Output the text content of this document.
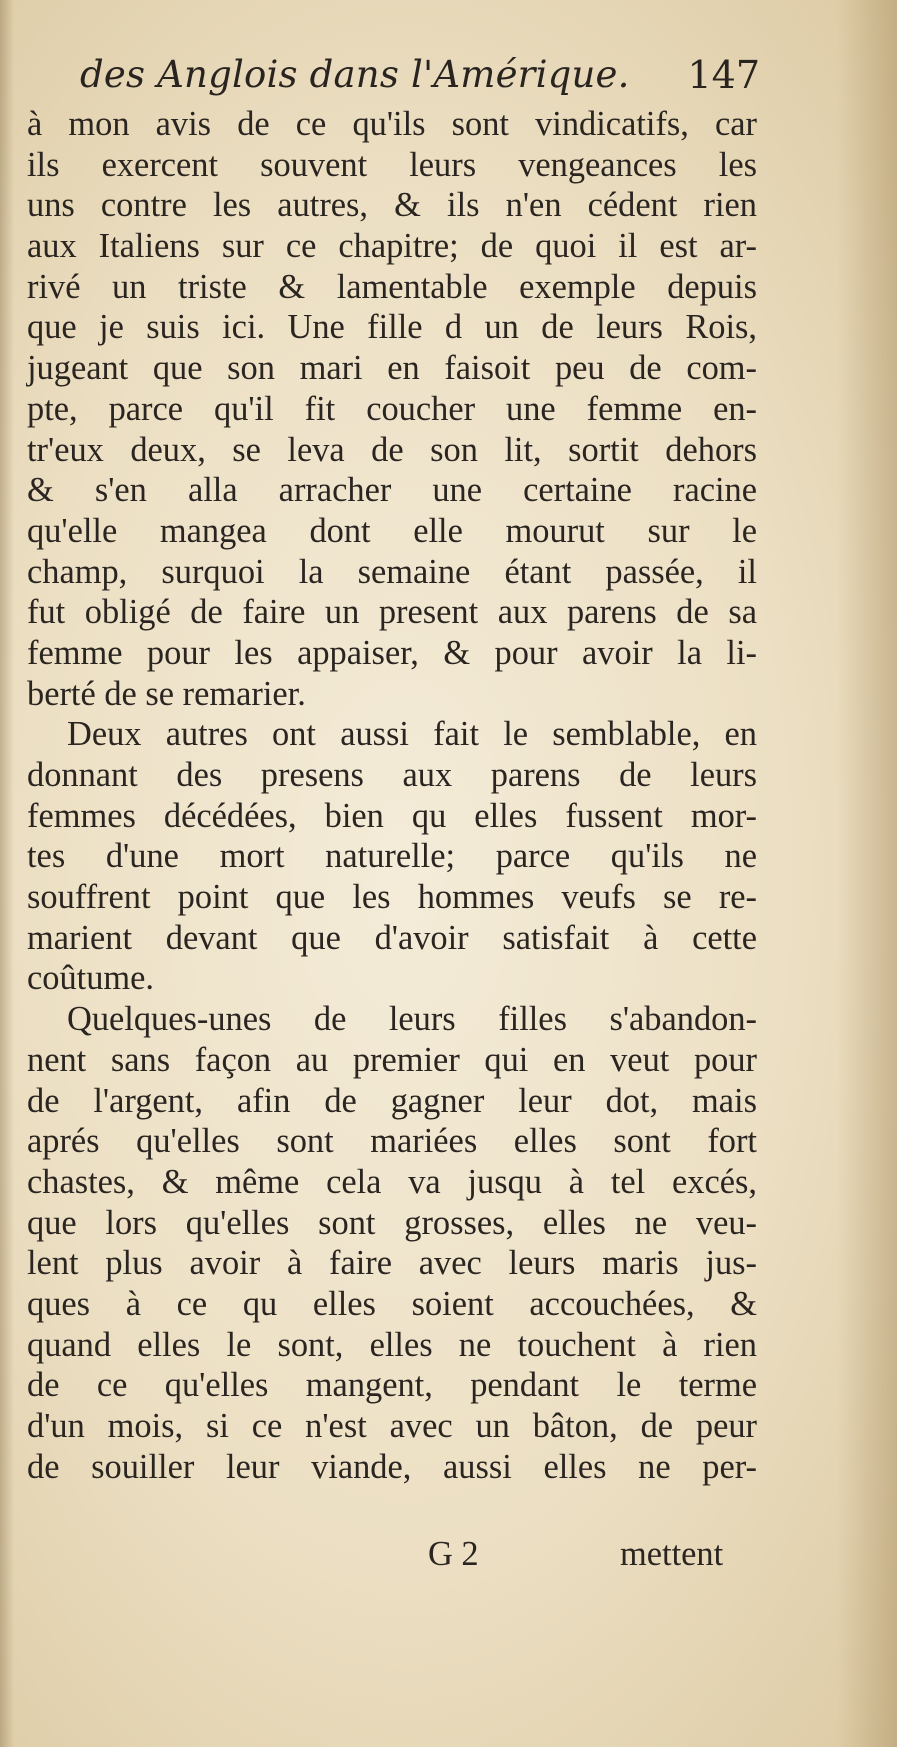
des Anglois dans l'Amérique. 147
à mon avis de ce qu'ils sont vindicatifs, car
ils exercent souvent leurs vengeances les
uns contre les autres, & ils n'en cédent rien
aux Italiens sur ce chapitre; de quoi il est ar-
rivé un triste & lamentable exemple depuis
que je suis ici. Une fille d un de leurs Rois,
jugeant que son mari en faisoit peu de com-
pte, parce qu'il fit coucher une femme en-
tr'eux deux, se leva de son lit, sortit dehors
& s'en alla arracher une certaine racine
qu'elle mangea dont elle mourut sur le
champ, surquoi la semaine étant passée, il
fut obligé de faire un present aux parens de sa
femme pour les appaiser, & pour avoir la li-
berté de se remarier.
Deux autres ont aussi fait le semblable, en
donnant des presens aux parens de leurs
femmes décédées, bien qu elles fussent mor-
tes d'une mort naturelle; parce qu'ils ne
souffrent point que les hommes veufs se re-
marient devant que d'avoir satisfait à cette
coûtume.
Quelques-unes de leurs filles s'abandon-
nent sans façon au premier qui en veut pour
de l'argent, afin de gagner leur dot, mais
aprés qu'elles sont mariées elles sont fort
chastes, & même cela va jusqu à tel excés,
que lors qu'elles sont grosses, elles ne veu-
lent plus avoir à faire avec leurs maris jus-
ques à ce qu elles soient accouchées, &
quand elles le sont, elles ne touchent à rien
de ce qu'elles mangent, pendant le terme
d'un mois, si ce n'est avec un bâton, de peur
de souiller leur viande, aussi elles ne per-
G 2	mettent
